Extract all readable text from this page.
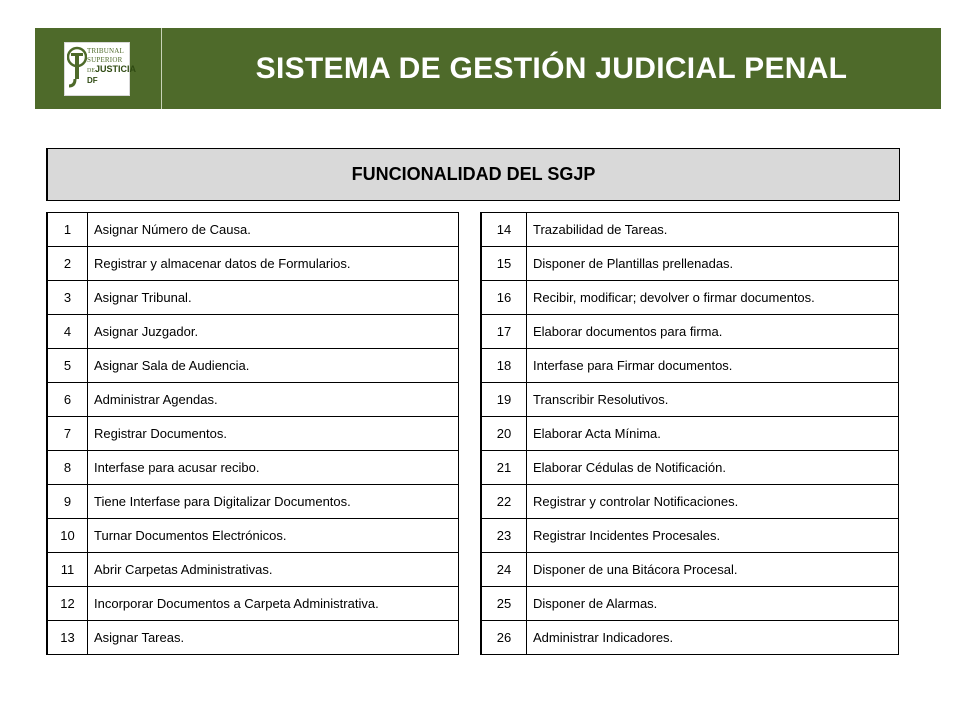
TRIBUNAL
SUPERIOR
DEJUSTICIA
DF	SISTEMA DE GESTIÓN JUDICIAL PENAL
FUNCIONALIDAD DEL SGJP
1	Asignar Número de Causa.
2	Registrar y almacenar datos de Formularios.
3	Asignar Tribunal.
4	Asignar Juzgador.
5	Asignar Sala de Audiencia.
6	Administrar Agendas.
7	Registrar Documentos.
8	Interfase para acusar recibo.
9	Tiene Interfase para Digitalizar Documentos.
10	Turnar Documentos Electrónicos.
11	Abrir Carpetas Administrativas.
12	Incorporar Documentos a Carpeta Administrativa.
13	Asignar Tareas.
14	Trazabilidad de Tareas.
15	Disponer de Plantillas prellenadas.
16	Recibir, modificar; devolver o firmar documentos.
17	Elaborar documentos para firma.
18	Interfase para Firmar documentos.
19	Transcribir Resolutivos.
20	Elaborar Acta Mínima.
21	Elaborar Cédulas de Notificación.
22	Registrar y controlar Notificaciones.
23	Registrar Incidentes Procesales.
24	Disponer de una Bitácora Procesal.
25	Disponer de Alarmas.
26	Administrar Indicadores.
